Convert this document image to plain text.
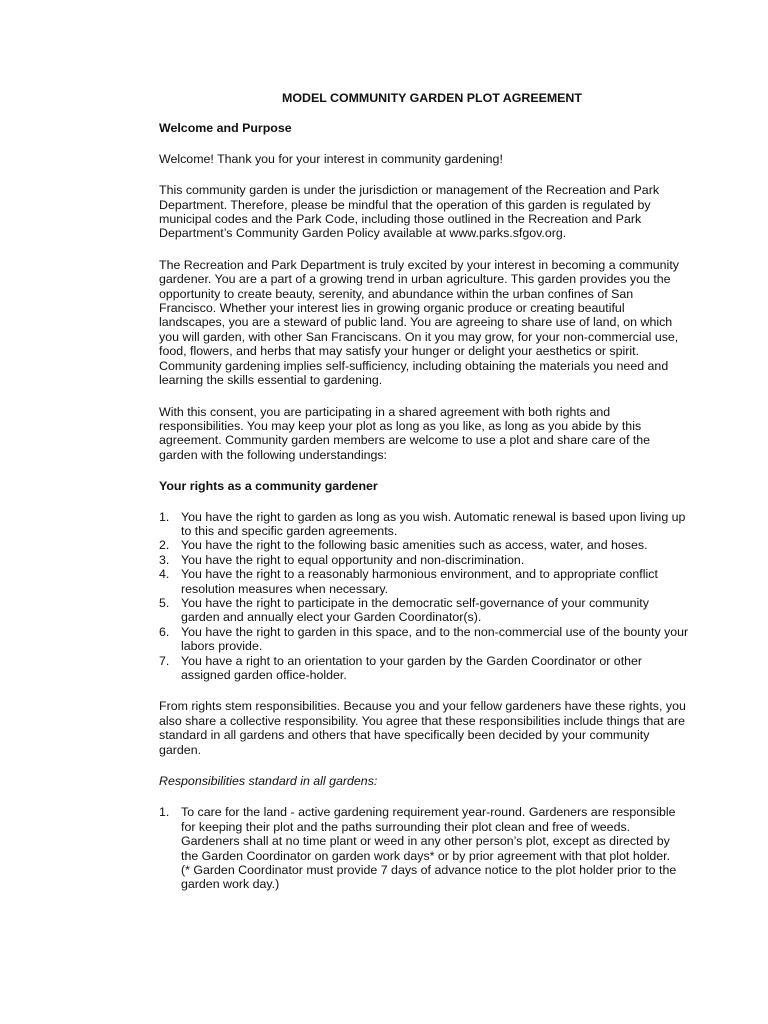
MODEL COMMUNITY GARDEN PLOT AGREEMENT
Welcome and Purpose

Welcome! Thank you for your interest in community gardening!

This community garden is under the jurisdiction or management of the Recreation and Park Department. Therefore, please be mindful that the operation of this garden is regulated by municipal codes and the Park Code, including those outlined in the Recreation and Park Department’s Community Garden Policy available at www.parks.sfgov.org.

The Recreation and Park Department is truly excited by your interest in becoming a community gardener. You are a part of a growing trend in urban agriculture. This garden provides you the opportunity to create beauty, serenity, and abundance within the urban confines of San Francisco. Whether your interest lies in growing organic produce or creating beautiful landscapes, you are a steward of public land. You are agreeing to share use of land, on which you will garden, with other San Franciscans. On it you may grow, for your non-commercial use, food, flowers, and herbs that may satisfy your hunger or delight your aesthetics or spirit. Community gardening implies self-sufficiency, including obtaining the materials you need and learning the skills essential to gardening.

With this consent, you are participating in a shared agreement with both rights and responsibilities. You may keep your plot as long as you like, as long as you abide by this agreement. Community garden members are welcome to use a plot and share care of the garden with the following understandings:

Your rights as a community gardener
1. You have the right to garden as long as you wish. Automatic renewal is based upon living up to this and specific garden agreements.
2. You have the right to the following basic amenities such as access, water, and hoses.
3. You have the right to equal opportunity and non-discrimination.
4. You have the right to a reasonably harmonious environment, and to appropriate conflict resolution measures when necessary.
5. You have the right to participate in the democratic self-governance of your community garden and annually elect your Garden Coordinator(s).
6. You have the right to garden in this space, and to the non-commercial use of the bounty your labors provide.
7. You have a right to an orientation to your garden by the Garden Coordinator or other assigned garden office-holder.

From rights stem responsibilities. Because you and your fellow gardeners have these rights, you also share a collective responsibility. You agree that these responsibilities include things that are standard in all gardens and others that have specifically been decided by your community garden.

Responsibilities standard in all gardens:
1. To care for the land - active gardening requirement year-round. Gardeners are responsible for keeping their plot and the paths surrounding their plot clean and free of weeds. Gardeners shall at no time plant or weed in any other person’s plot, except as directed by the Garden Coordinator on garden work days* or by prior agreement with that plot holder.
(* Garden Coordinator must provide 7 days of advance notice to the plot holder prior to the garden work day.)
